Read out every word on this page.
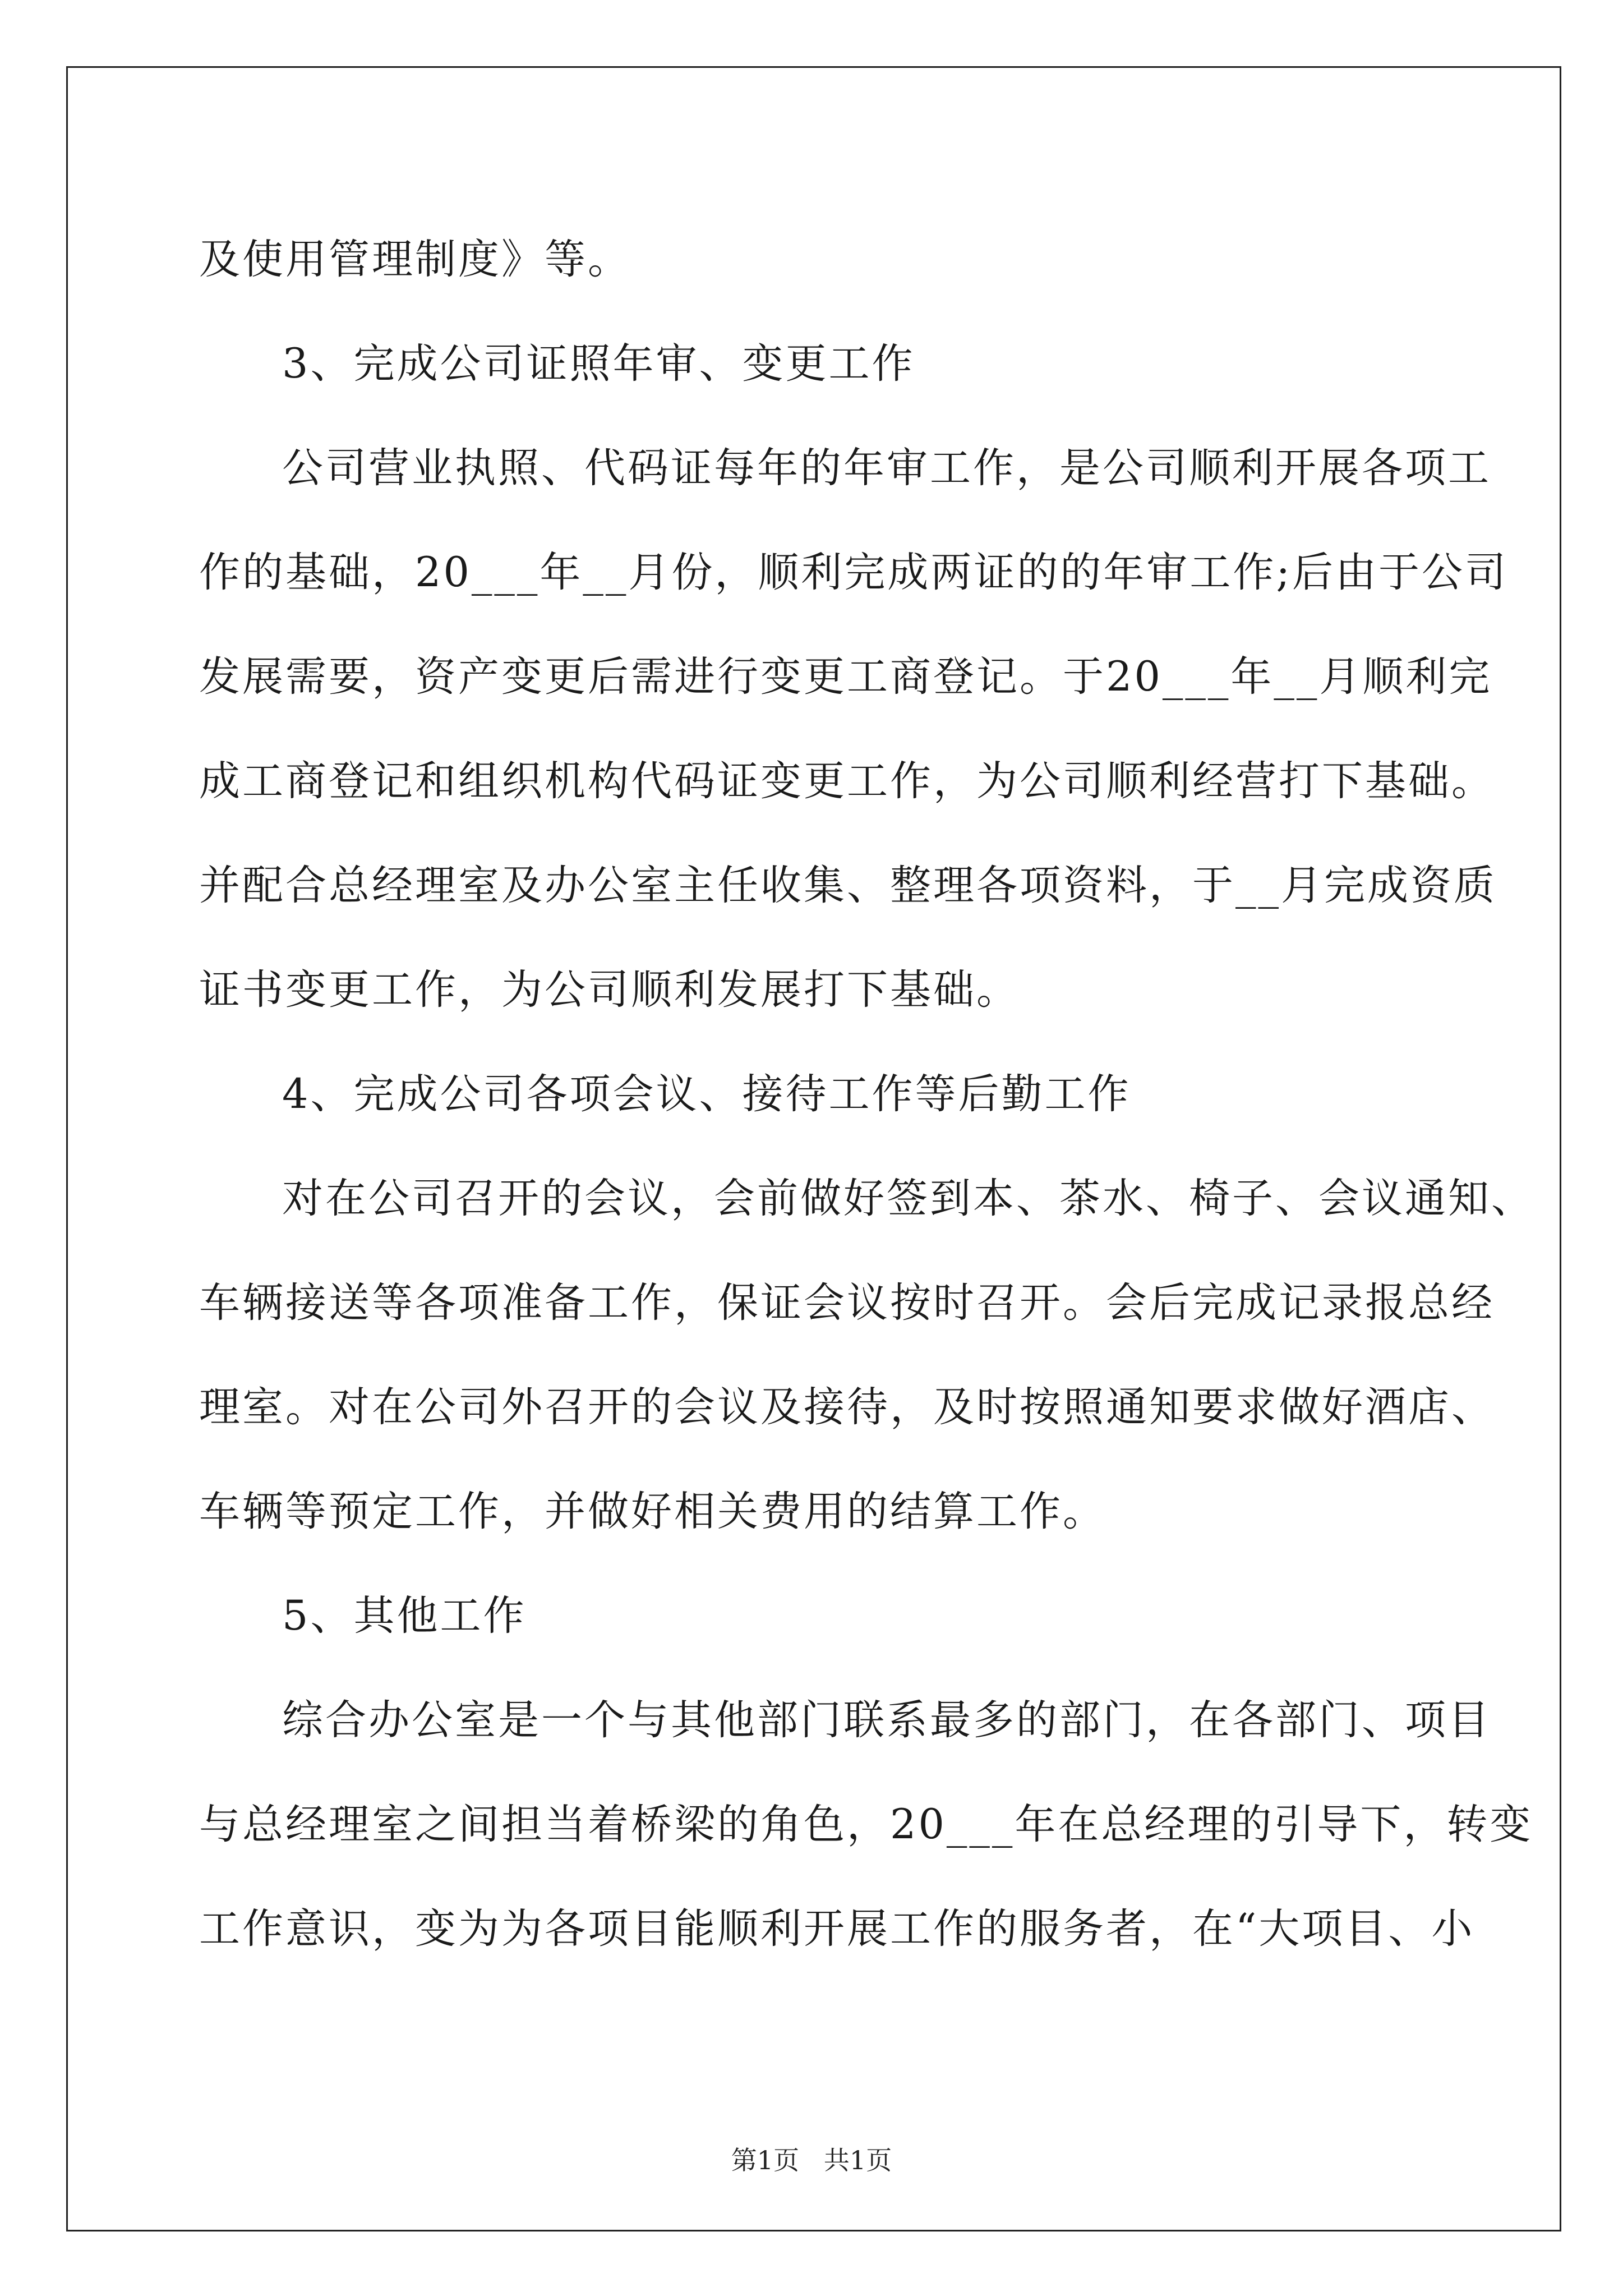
及使用管理制度》等。
3、完成公司证照年审、变更工作
公司营业执照、代码证每年的年审工作，是公司顺利开展各项工
作的基础，20___年__月份，顺利完成两证的的年审工作;后由于公司
发展需要，资产变更后需进行变更工商登记。于20___年__月顺利完
成工商登记和组织机构代码证变更工作，为公司顺利经营打下基础。
并配合总经理室及办公室主任收集、整理各项资料，于__月完成资质
证书变更工作，为公司顺利发展打下基础。
4、完成公司各项会议、接待工作等后勤工作
对在公司召开的会议，会前做好签到本、茶水、椅子、会议通知、
车辆接送等各项准备工作，保证会议按时召开。会后完成记录报总经
理室。对在公司外召开的会议及接待，及时按照通知要求做好酒店、
车辆等预定工作，并做好相关费用的结算工作。
5、其他工作
综合办公室是一个与其他部门联系最多的部门，在各部门、项目
与总经理室之间担当着桥梁的角色，20___年在总经理的引导下，转变
工作意识，变为为各项目能顺利开展工作的服务者，在“大项目、小
第1页   共1页
